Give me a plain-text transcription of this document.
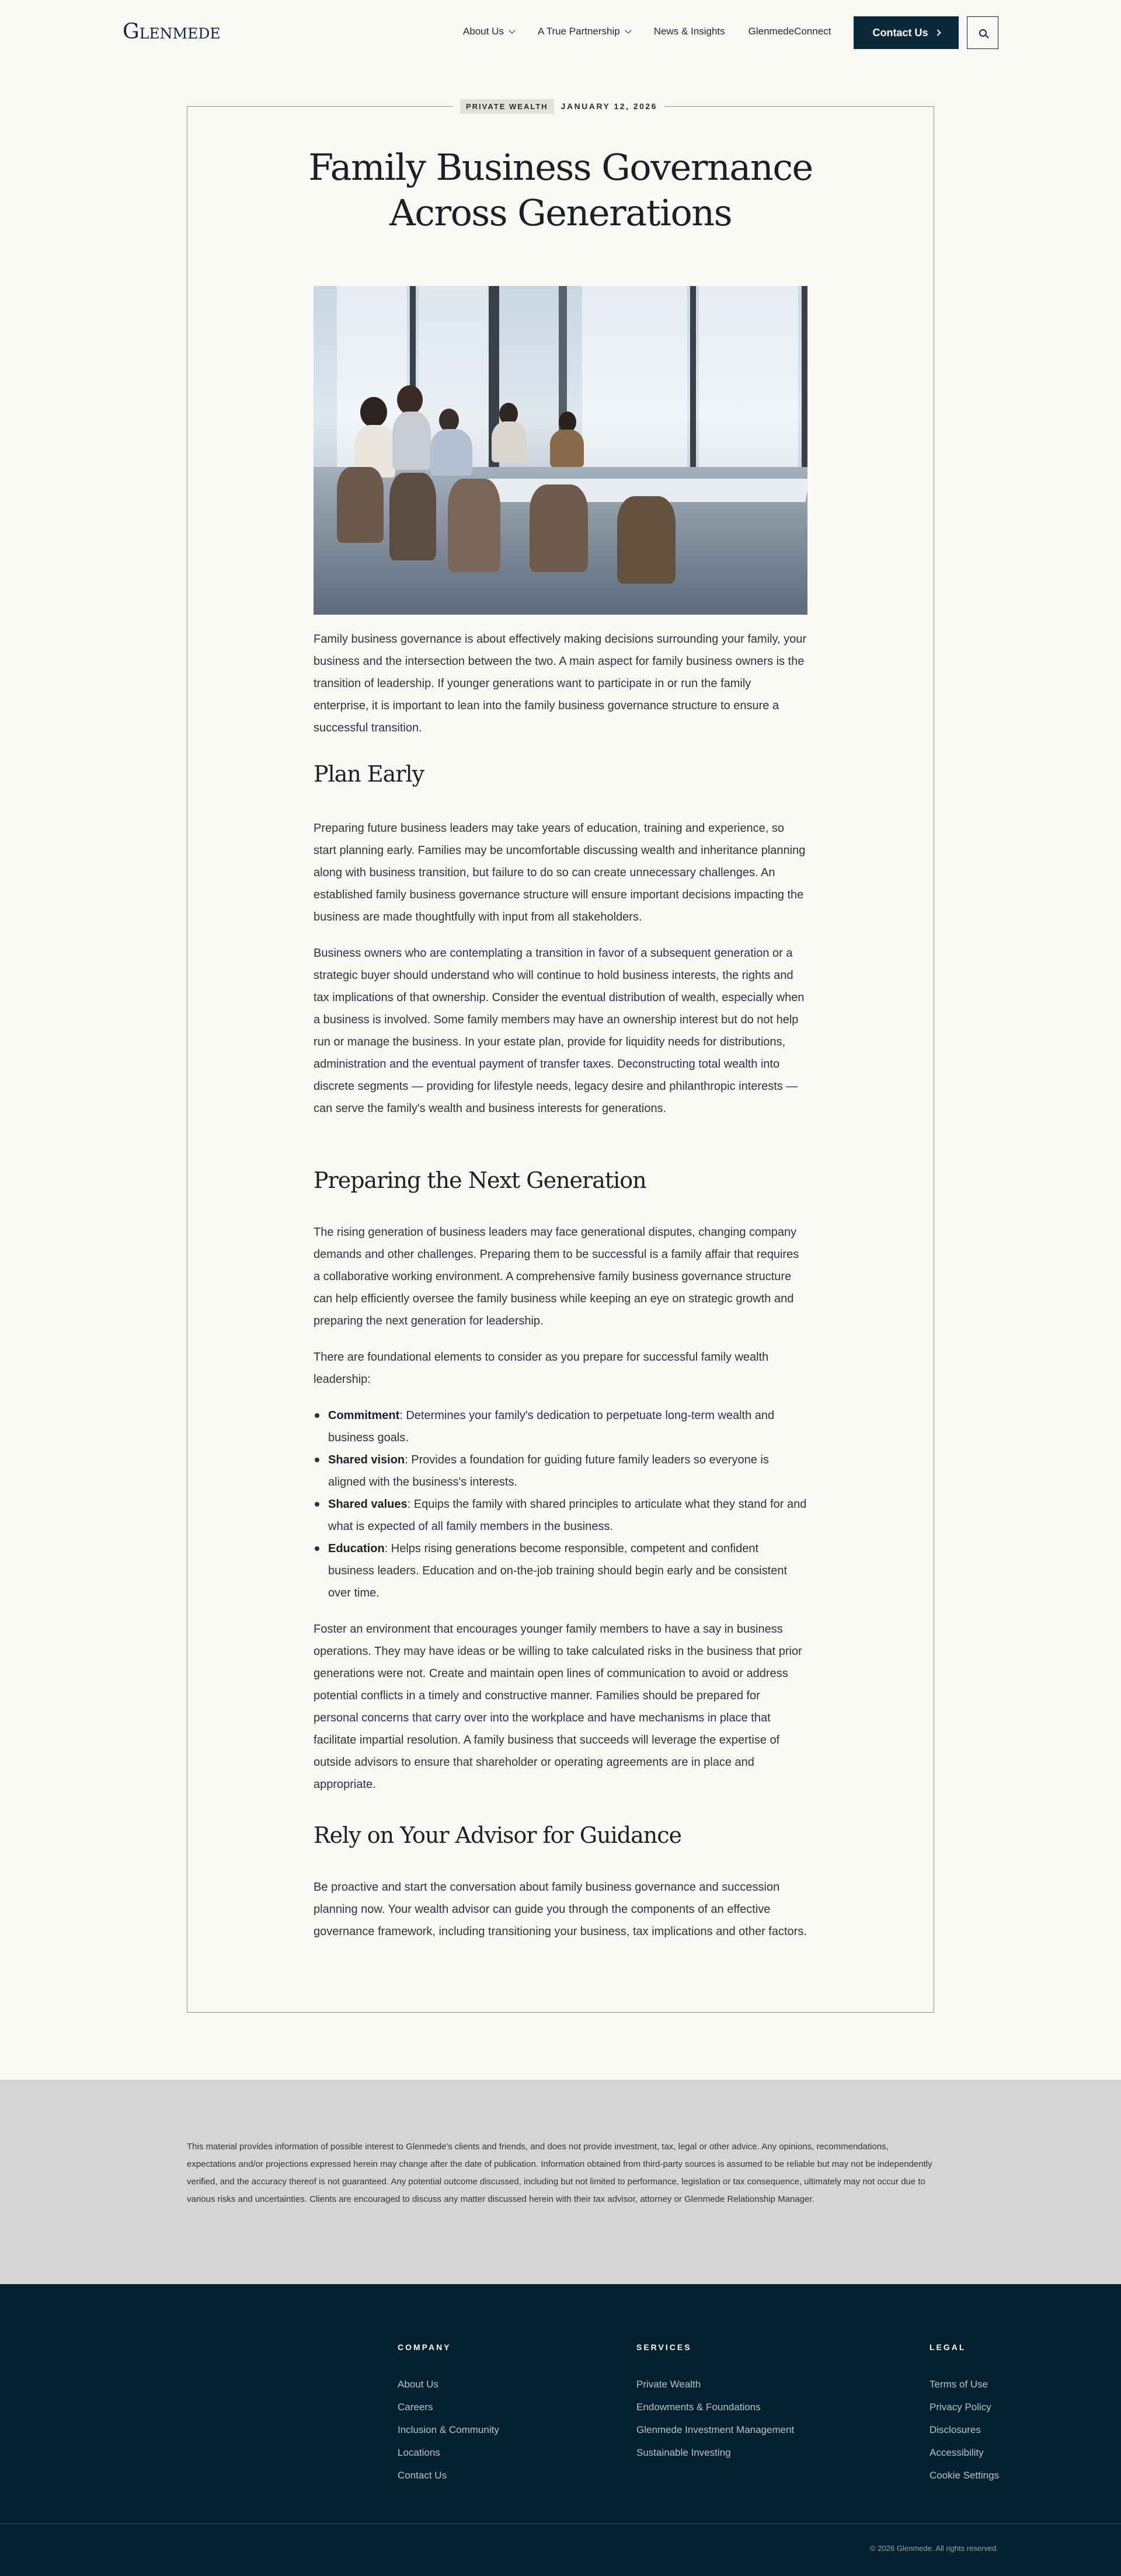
Glenmede	About Us	A True Partnership	News & Insights GlenmedeConnect	Contact Us
PRIVATE WEALTH	JANUARY 12, 2026
Family Business Governance
Across Generations

Family business governance is about effectively making decisions surrounding your family, your business and the intersection between the two. A main aspect for family business owners is the transition of leadership. If younger generations want to participate in or run the family enterprise, it is important to lean into the family business governance structure to ensure a successful transition.

Plan Early

Preparing future business leaders may take years of education, training and experience, so start planning early. Families may be uncomfortable discussing wealth and inheritance planning along with business transition, but failure to do so can create unnecessary challenges. An established family business governance structure will ensure important decisions impacting the business are made thoughtfully with input from all stakeholders.

Business owners who are contemplating a transition in favor of a subsequent generation or a strategic buyer should understand who will continue to hold business interests, the rights and tax implications of that ownership. Consider the eventual distribution of wealth, especially when a business is involved. Some family members may have an ownership interest but do not help run or manage the business. In your estate plan, provide for liquidity needs for distributions, administration and the eventual payment of transfer taxes. Deconstructing total wealth into discrete segments — providing for lifestyle needs, legacy desire and philanthropic interests — can serve the family's wealth and business interests for generations.

Preparing the Next Generation

The rising generation of business leaders may face generational disputes, changing company demands and other challenges. Preparing them to be successful is a family affair that requires a collaborative working environment. A comprehensive family business governance structure can help efficiently oversee the family business while keeping an eye on strategic growth and preparing the next generation for leadership.

There are foundational elements to consider as you prepare for successful family wealth leadership:

Commitment: Determines your family's dedication to perpetuate long-term wealth and business goals.
Shared vision: Provides a foundation for guiding future family leaders so everyone is aligned with the business's interests.
Shared values: Equips the family with shared principles to articulate what they stand for and what is expected of all family members in the business.
Education: Helps rising generations become responsible, competent and confident business leaders. Education and on-the-job training should begin early and be consistent over time.

Foster an environment that encourages younger family members to have a say in business operations. They may have ideas or be willing to take calculated risks in the business that prior generations were not. Create and maintain open lines of communication to avoid or address potential conflicts in a timely and constructive manner. Families should be prepared for personal concerns that carry over into the workplace and have mechanisms in place that facilitate impartial resolution. A family business that succeeds will leverage the expertise of outside advisors to ensure that shareholder or operating agreements are in place and appropriate.

Rely on Your Advisor for Guidance

Be proactive and start the conversation about family business governance and succession planning now. Your wealth advisor can guide you through the components of an effective governance framework, including transitioning your business, tax implications and other factors.

This material provides information of possible interest to Glenmede's clients and friends, and does not provide investment, tax, legal or other advice. Any opinions, recommendations, expectations and/or projections expressed herein may change after the date of publication. Information obtained from third-party sources is assumed to be reliable but may not be independently verified, and the accuracy thereof is not guaranteed. Any potential outcome discussed, including but not limited to performance, legislation or tax consequence, ultimately may not occur due to various risks and uncertainties. Clients are encouraged to discuss any matter discussed herein with their tax advisor, attorney or Glenmede Relationship Manager.

COMPANY
About Us
Careers
Inclusion & Community
Locations
Contact Us
SERVICES
Private Wealth
Endowments & Foundations
Glenmede Investment Management
Sustainable Investing
LEGAL
Terms of Use
Privacy Policy
Disclosures
Accessibility
Cookie Settings
© 2026 Glenmede. All rights reserved.
